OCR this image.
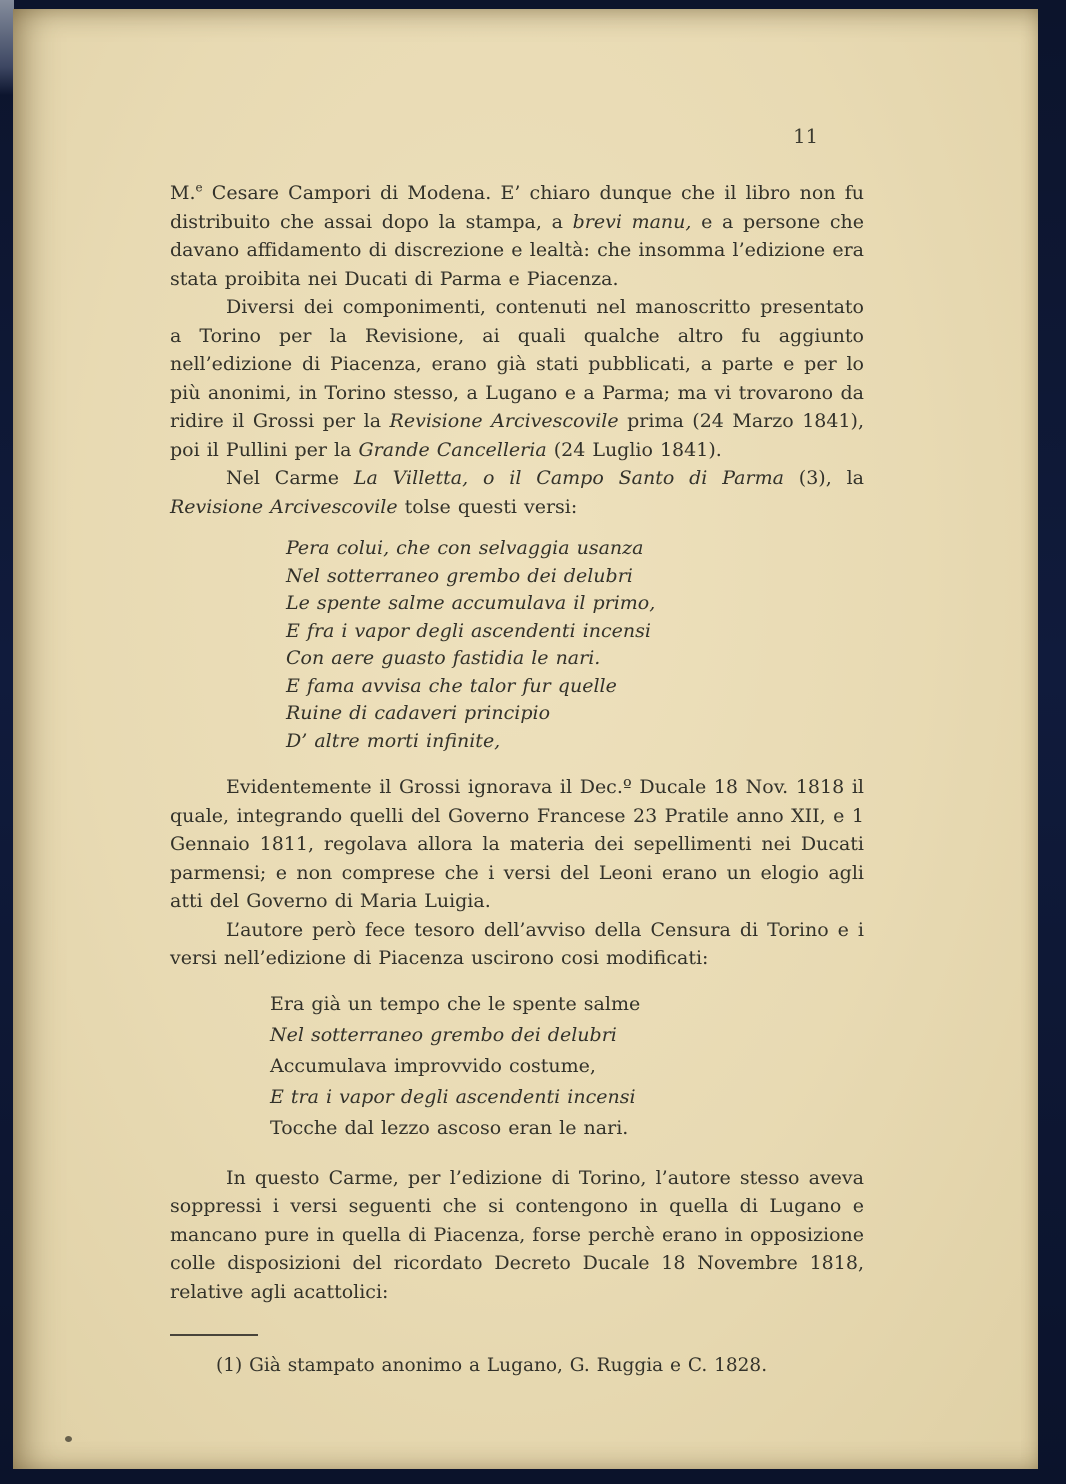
11

M.$^e$ Cesare Campori di Modena. E’ chiaro dunque che il libro non fu distribuito che assai dopo la stampa, a brevi manu, e a persone che davano affidamento di discrezione e lealtà: che insomma l’edizione era stata proibita nei Ducati di Parma e Piacenza.

Diversi dei componimenti, contenuti nel manoscritto presentato a Torino per la Revisione, ai quali qualche altro fu aggiunto nell’edizione di Piacenza, erano già stati pubblicati, a parte e per lo più anonimi, in Torino stesso, a Lugano e a Parma; ma vi trovarono da ridire il Grossi per la Revisione Arcivescovile prima (24 Marzo 1841), poi il Pullini per la Grande Cancelleria (24 Luglio 1841).

Nel Carme La Villetta, o il Campo Santo di Parma (3), la Revisione Arcivescovile tolse questi versi:

Pera colui, che con selvaggia usanza
Nel sotterraneo grembo dei delubri
Le spente salme accumulava il primo,
E fra i vapor degli ascendenti incensi
Con aere guasto fastidia le nari.
E fama avvisa che talor fur quelle
Ruine di cadaveri principio
D’ altre morti infinite,

Evidentemente il Grossi ignorava il Dec.º Ducale 18 Nov. 1818 il quale, integrando quelli del Governo Francese 23 Pratile anno XII, e 1 Gennaio 1811, regolava allora la materia dei sepellimenti nei Ducati parmensi; e non comprese che i versi del Leoni erano un elogio agli atti del Governo di Maria Luigia.

L’autore però fece tesoro dell’avviso della Censura di Torino e i versi nell’edizione di Piacenza uscirono cosi modificati:

Era già un tempo che le spente salme
Nel sotterraneo grembo dei delubri
Accumulava improvvido costume,
E tra i vapor degli ascendenti incensi
Tocche dal lezzo ascoso eran le nari.

In questo Carme, per l’edizione di Torino, l’autore stesso aveva soppressi i versi seguenti che si contengono in quella di Lugano e mancano pure in quella di Piacenza, forse perchè erano in opposizione colle disposizioni del ricordato Decreto Ducale 18 Novembre 1818, relative agli acattolici:

(1) Già stampato anonimo a Lugano, G. Ruggia e C. 1828.
